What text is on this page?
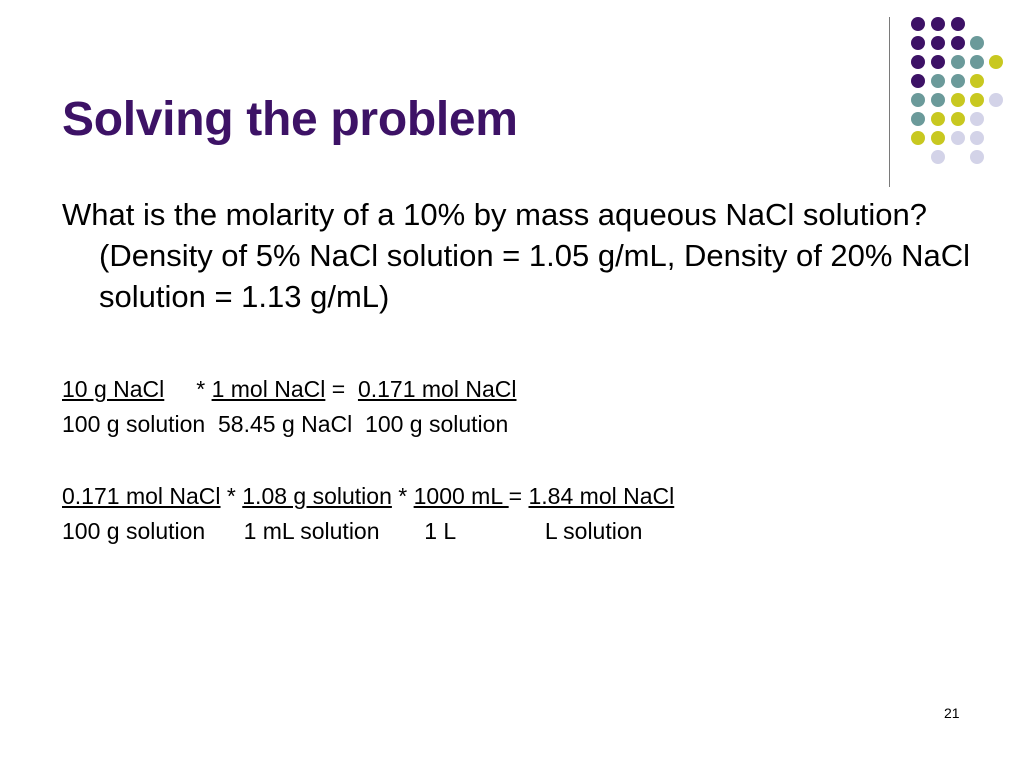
Solving the problem

What is the molarity of a 10% by mass aqueous NaCl solution? (Density of 5% NaCl solution = 1.05 g/mL, Density of 20% NaCl solution = 1.13 g/mL)

10 g NaCl     * 1 mol NaCl =  0.171 mol NaCl
100 g solution  58.45 g NaCl  100 g solution
0.171 mol NaCl * 1.08 g solution * 1000 mL = 1.84 mol NaCl
100 g solution      1 mL solution       1 L              L solution
21
